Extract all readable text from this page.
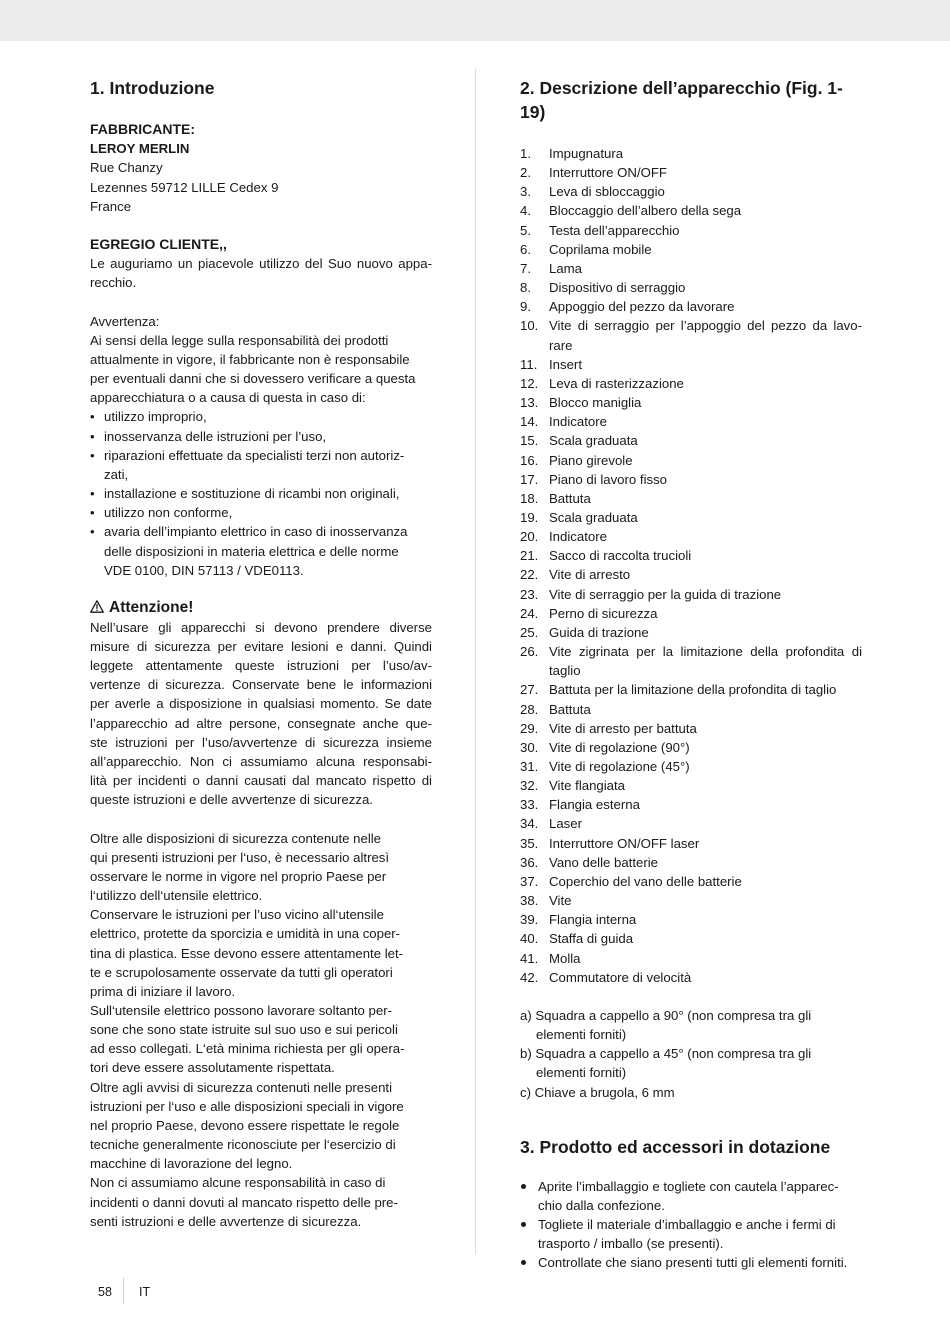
1. Introduzione
FABBRICANTE:
LEROY MERLIN
Rue Chanzy
Lezennes 59712 LILLE Cedex 9
France
EGREGIO CLIENTE,,
Le auguriamo un piacevole utilizzo del Suo nuovo appa-
recchio.
Avvertenza:
Ai sensi della legge sulla responsabilità dei prodotti
attualmente in vigore, il fabbricante non è responsabile
per eventuali danni che si dovessero verificare a questa
apparecchiatura o a causa di questa in caso di:
• utilizzo improprio,
• inosservanza delle istruzioni per l’uso,
• riparazioni effettuate da specialisti terzi non autoriz-
zati,
• installazione e sostituzione di ricambi non originali,
• utilizzo non conforme,
• avaria dell’impianto elettrico in caso di inosservanza
delle disposizioni in materia elettrica e delle norme
VDE 0100, DIN 57113 / VDE0113.
Attenzione!
Nell’usare gli apparecchi si devono prendere diverse
misure di sicurezza per evitare lesioni e danni. Quindi
leggete attentamente queste istruzioni per l’uso/av-
vertenze di sicurezza. Conservate bene le informazioni
per averle a disposizione in qualsiasi momento. Se date
l’apparecchio ad altre persone, consegnate anche que-
ste istruzioni per l’uso/avvertenze di sicurezza insieme
all’apparecchio. Non ci assumiamo alcuna responsabi-
lità per incidenti o danni causati dal mancato rispetto di
queste istruzioni e delle avvertenze di sicurezza.
Oltre alle disposizioni di sicurezza contenute nelle
qui presenti istruzioni per l‘uso, è necessario altresì
osservare le norme in vigore nel proprio Paese per
l‘utilizzo dell‘utensile elettrico.
Conservare le istruzioni per l’uso vicino all‘utensile
elettrico, protette da sporcizia e umidità in una coper-
tina di plastica. Esse devono essere attentamente let-
te e scrupolosamente osservate da tutti gli operatori
prima di iniziare il lavoro.
Sull‘utensile elettrico possono lavorare soltanto per-
sone che sono state istruite sul suo uso e sui pericoli
ad esso collegati. L‘età minima richiesta per gli opera-
tori deve essere assolutamente rispettata.
Oltre agli avvisi di sicurezza contenuti nelle presenti
istruzioni per l‘uso e alle disposizioni speciali in vigore
nel proprio Paese, devono essere rispettate le regole
tecniche generalmente riconosciute per l‘esercizio di
macchine di lavorazione del legno.
Non ci assumiamo alcune responsabilità in caso di
incidenti o danni dovuti al mancato rispetto delle pre-
senti istruzioni e delle avvertenze di sicurezza.
2. Descrizione dell’apparecchio (Fig. 1-19)
1. Impugnatura
2. Interruttore ON/OFF
3. Leva di sbloccaggio
4. Bloccaggio dell’albero della sega
5. Testa dell’apparecchio
6. Coprilama mobile
7. Lama
8. Dispositivo di serraggio
9. Appoggio del pezzo da lavorare
10. Vite di serraggio per l’appoggio del pezzo da lavo-
rare
11. Insert
12. Leva di rasterizzazione
13. Blocco maniglia
14. Indicatore
15. Scala graduata
16. Piano girevole
17. Piano di lavoro fisso
18. Battuta
19. Scala graduata
20. Indicatore
21. Sacco di raccolta trucioli
22. Vite di arresto
23. Vite di serraggio per la guida di trazione
24. Perno di sicurezza
25. Guida di trazione
26. Vite zigrinata per la limitazione della profondita di
taglio
27. Battuta per la limitazione della profondita di taglio
28. Battuta
29. Vite di arresto per battuta
30. Vite di regolazione (90°)
31. Vite di regolazione (45°)
32. Vite flangiata
33. Flangia esterna
34. Laser
35. Interruttore ON/OFF laser
36. Vano delle batterie
37. Coperchio del vano delle batterie
38. Vite
39. Flangia interna
40. Staffa di guida
41. Molla
42. Commutatore di velocità
a) Squadra a cappello a 90° (non compresa tra gli
elementi forniti)
b) Squadra a cappello a 45° (non compresa tra gli
elementi forniti)
c) Chiave a brugola, 6 mm
3. Prodotto ed accessori in dotazione
Aprite l’imballaggio e togliete con cautela l’apparec-
chio dalla confezione.
Togliete il materiale d’imballaggio e anche i fermi di
trasporto / imballo (se presenti).
Controllate che siano presenti tutti gli elementi forniti.
58 IT
